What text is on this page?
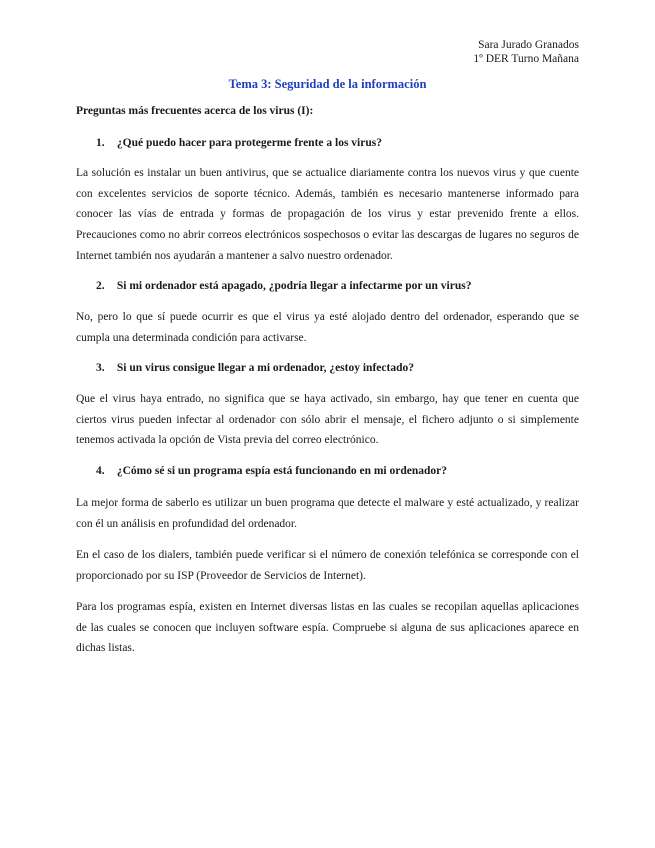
Sara Jurado Granados
1º DER Turno Mañana
Tema 3: Seguridad de la información
Preguntas más frecuentes acerca de los virus (I):
1. ¿Qué puedo hacer para protegerme frente a los virus?

La solución es instalar un buen antivirus, que se actualice diariamente contra los nuevos virus y que cuente con excelentes servicios de soporte técnico. Además, también es necesario mantenerse informado para conocer las vías de entrada y formas de propagación de los virus y estar prevenido frente a ellos. Precauciones como no abrir correos electrónicos sospechosos o evitar las descargas de lugares no seguros de Internet también nos ayudarán a mantener a salvo nuestro ordenador.

2. Si mi ordenador está apagado, ¿podría llegar a infectarme por un virus?

No, pero lo que sí puede ocurrir es que el virus ya esté alojado dentro del ordenador, esperando que se cumpla una determinada condición para activarse.

3. Si un virus consigue llegar a mi ordenador, ¿estoy infectado?

Que el virus haya entrado, no significa que se haya activado, sin embargo, hay que tener en cuenta que ciertos virus pueden infectar al ordenador con sólo abrir el mensaje, el fichero adjunto o si simplemente tenemos activada la opción de Vista previa del correo electrónico.

4. ¿Cómo sé si un programa espía está funcionando en mi ordenador?

La mejor forma de saberlo es utilizar un buen programa que detecte el malware y esté actualizado, y realizar con él un análisis en profundidad del ordenador.

En el caso de los dialers, también puede verificar si el número de conexión telefónica se corresponde con el proporcionado por su ISP (Proveedor de Servicios de Internet).

Para los programas espía, existen en Internet diversas listas en las cuales se recopilan aquellas aplicaciones de las cuales se conocen que incluyen software espía. Compruebe si alguna de sus aplicaciones aparece en dichas listas.
